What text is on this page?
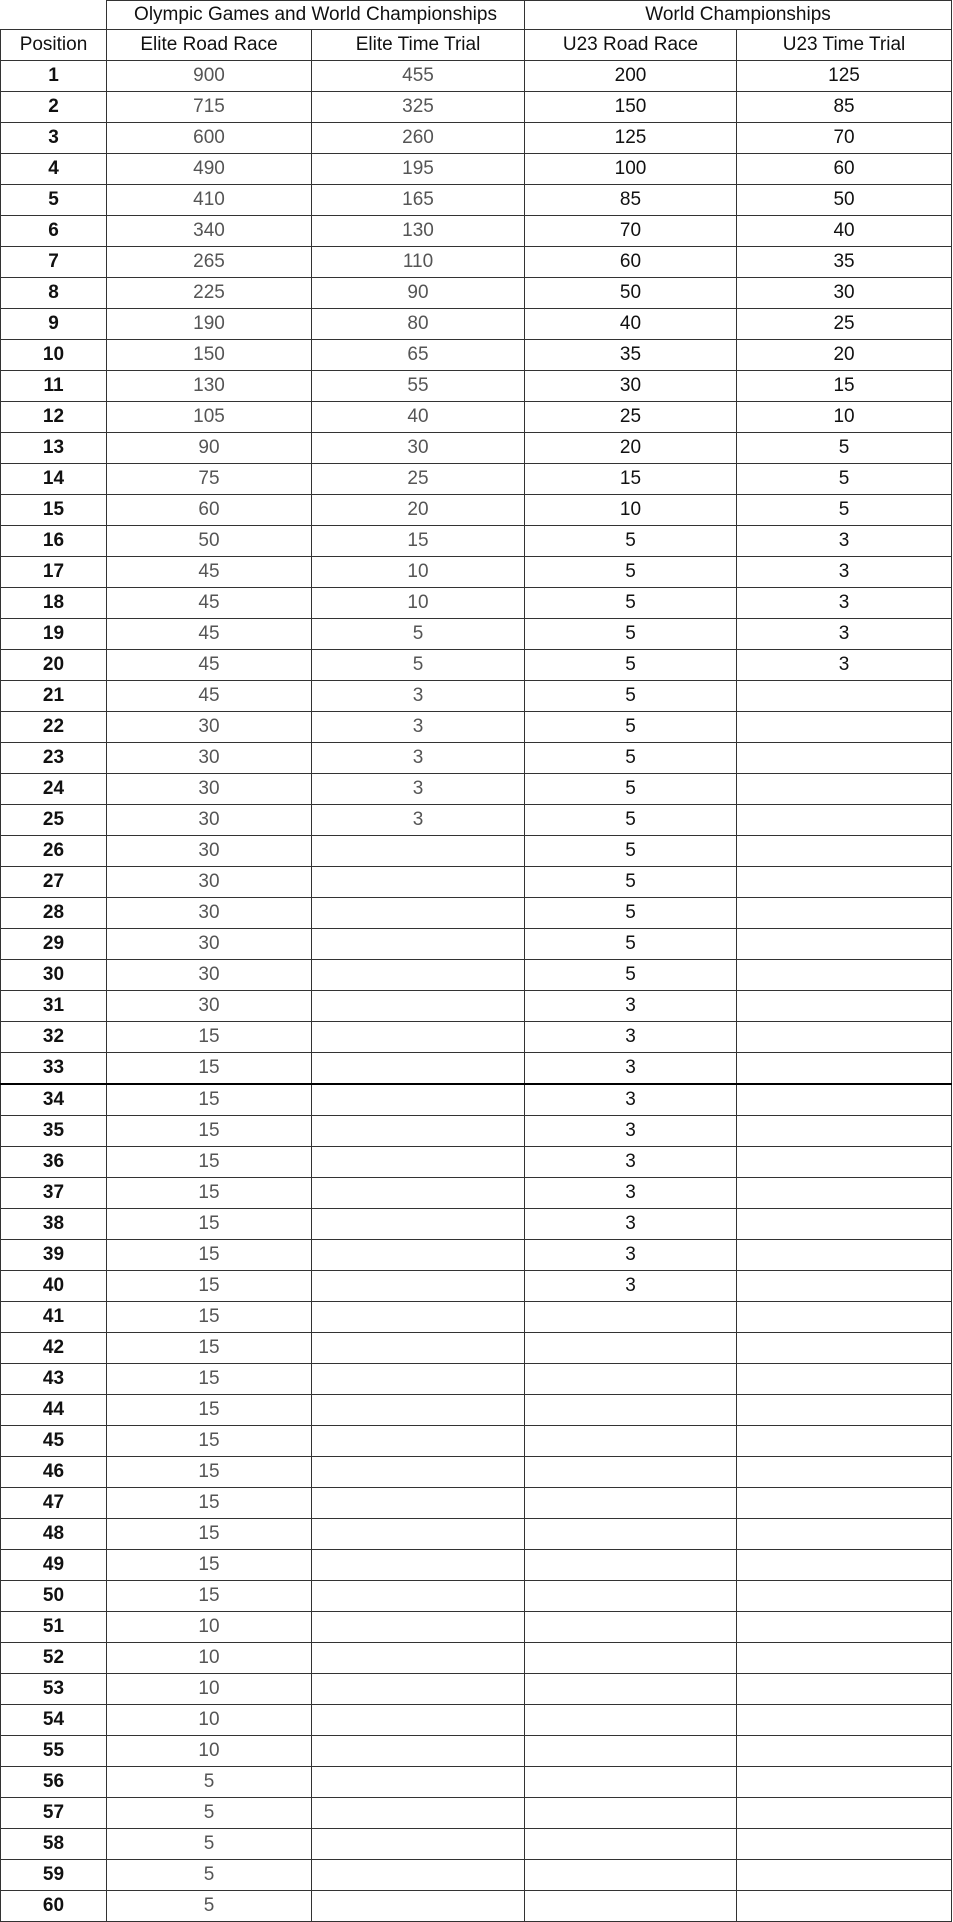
	Olympic Games and World Championships		World Championships	
Position	Elite Road Race	Elite Time Trial	U23 Road Race	U23 Time Trial
1	900	455	200	125
2	715	325	150	85
3	600	260	125	70
4	490	195	100	60
5	410	165	85	50
6	340	130	70	40
7	265	110	60	35
8	225	90	50	30
9	190	80	40	25
10	150	65	35	20
11	130	55	30	15
12	105	40	25	10
13	90	30	20	5
14	75	25	15	5
15	60	20	10	5
16	50	15	5	3
17	45	10	5	3
18	45	10	5	3
19	45	5	5	3
20	45	5	5	3
21	45	3	5	
22	30	3	5	
23	30	3	5	
24	30	3	5	
25	30	3	5	
26	30		5	
27	30		5	
28	30		5	
29	30		5	
30	30		5	
31	30		3	
32	15		3	
33	15		3	
34	15		3	
35	15		3	
36	15		3	
37	15		3	
38	15		3	
39	15		3	
40	15		3	
41	15			
42	15			
43	15			
44	15			
45	15			
46	15			
47	15			
48	15			
49	15			
50	15			
51	10			
52	10			
53	10			
54	10			
55	10			
56	5			
57	5			
58	5			
59	5			
60	5			
